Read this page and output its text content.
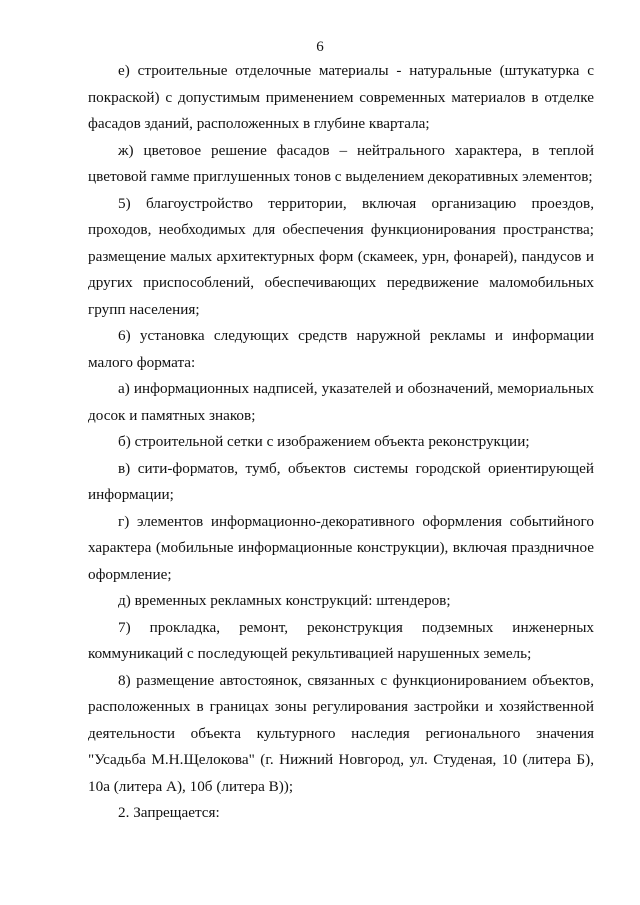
6

е) строительные отделочные материалы - натуральные (штукатурка с покраской) с допустимым применением современных материалов в отделке фасадов зданий, расположенных в глубине квартала;

ж) цветовое решение фасадов – нейтрального характера, в теплой цветовой гамме приглушенных тонов с выделением декоративных элементов;

5) благоустройство территории, включая организацию проездов, проходов, необходимых для обеспечения функционирования пространства; размещение малых архитектурных форм (скамеек, урн, фонарей), пандусов и других приспособлений, обеспечивающих передвижение маломобильных групп населения;

6) установка следующих средств наружной рекламы и информации малого формата:

а) информационных надписей, указателей и обозначений, мемориальных досок и памятных знаков;

б) строительной сетки с изображением объекта реконструкции;

в) сити-форматов, тумб, объектов системы городской ориентирующей информации;

г) элементов информационно-декоративного оформления событийного характера (мобильные информационные конструкции), включая праздничное оформление;

д) временных рекламных конструкций: штендеров;

7) прокладка, ремонт, реконструкция подземных инженерных коммуникаций с последующей рекультивацией нарушенных земель;

8) размещение автостоянок, связанных с функционированием объектов, расположенных в границах зоны регулирования застройки и хозяйственной деятельности объекта культурного наследия регионального значения "Усадьба М.Н.Щелокова" (г. Нижний Новгород, ул. Студеная, 10 (литера Б), 10а (литера А), 10б (литера В));

2. Запрещается:
